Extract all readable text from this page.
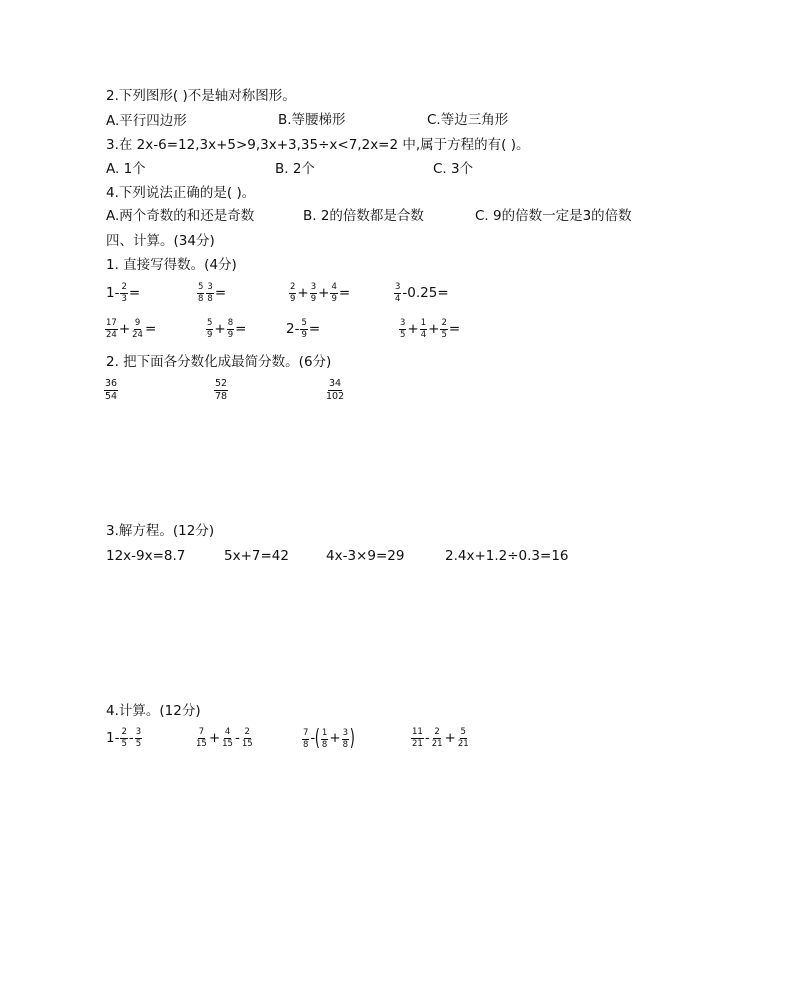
2.下列图形( )不是轴对称图形。
A.平行四边形	B.等腰梯形	C.等边三角形
3.在 2x-6=12,3x+5>9,3x+3,35÷x<7,2x=2 中,属于方程的有( )。
A. 1个	B. 2个	C. 3个
4.下列说法正确的是( )。
A.两个奇数的和还是奇数	B. 2的倍数都是合数	C. 9的倍数一定是3的倍数
四、计算。(34分)
1. 直接写得数。(4分)
$1- \frac{2}{3}$ =	$\frac{5}{8} \frac{3}{8}$ =	$\frac{2}{9} + \frac{3}{9} + \frac{4}{9}$ =	$\frac{3}{4} -0.25=$
$\frac{17}{24} + \frac{9}{24}$ =	$\frac{5}{9} + \frac{8}{9}$ =	$2- \frac{5}{9}$ =	$\frac{3}{5} + \frac{1}{4} + \frac{2}{5}$ =
2. 把下面各分数化成最简分数。(6分)
$\frac{36}{54}$	$\frac{52}{78}$	$\frac{34}{102}$
3.解方程。(12分)
12x-9x=8.7	5x+7=42	4x-3×9=29	2.4x+1.2÷0.3=16
4.计算。(12分)
$1- \frac{2}{5} - \frac{3}{5}$	$\frac{7}{15} + \frac{4}{15} - \frac{2}{15}$	$\frac{7}{8}$ - ( $\frac{1}{8} + \frac{3}{8}$ )	$\frac{11}{21} - \frac{2}{21} + \frac{5}{21}$
